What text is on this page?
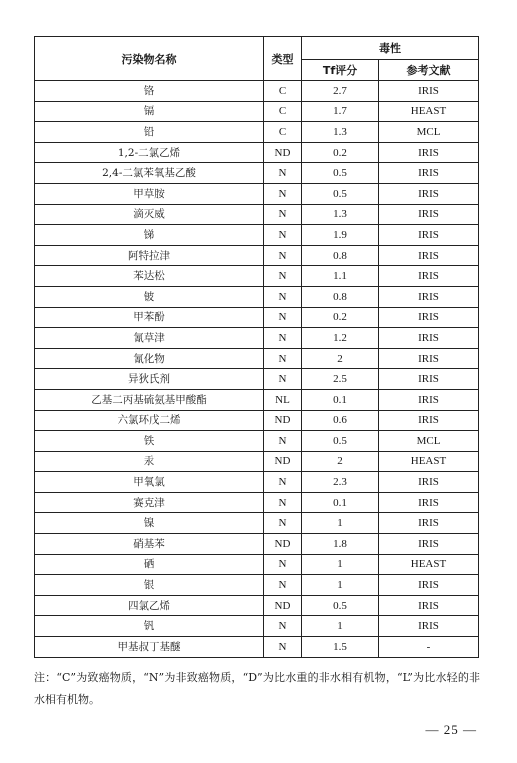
污染物名称	类型	毒性	
		Tf评分	参考文献
铬	C	2.7	IRIS
镉	C	1.7	HEAST
铅	C	1.3	MCL
1,2-二氯乙烯	ND	0.2	IRIS
2,4-二氯苯氧基乙酸	N	0.5	IRIS
甲草胺	N	0.5	IRIS
滴灭威	N	1.3	IRIS
锑	N	1.9	IRIS
阿特拉津	N	0.8	IRIS
苯达松	N	1.1	IRIS
铍	N	0.8	IRIS
甲苯酚	N	0.2	IRIS
氰草津	N	1.2	IRIS
氰化物	N	2	IRIS
异狄氏剂	N	2.5	IRIS
乙基二丙基硫氨基甲酸酯	NL	0.1	IRIS
六氯环戊二烯	ND	0.6	IRIS
铁	N	0.5	MCL
汞	ND	2	HEAST
甲氧氯	N	2.3	IRIS
赛克津	N	0.1	IRIS
镍	N	1	IRIS
硝基苯	ND	1.8	IRIS
硒	N	1	HEAST
银	N	1	IRIS
四氯乙烯	ND	0.5	IRIS
钒	N	1	IRIS
甲基叔丁基醚	N	1.5	-
注：“C”为致癌物质，“N”为非致癌物质，“D”为比水重的非水相有机物，“L”为比水轻的非水相有机物。
— 25 —
